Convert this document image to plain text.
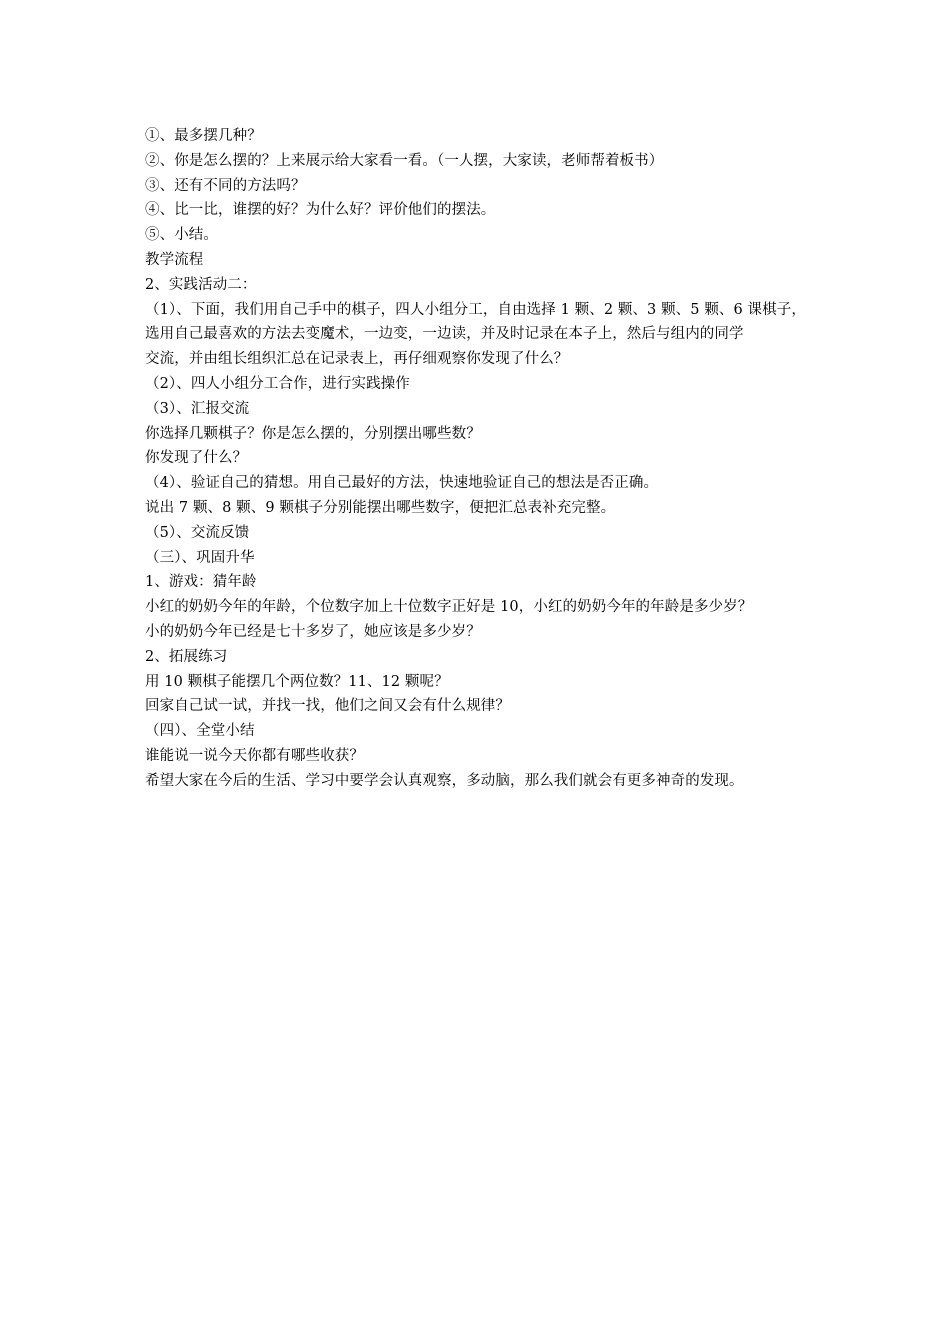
①、最多摆几种？
②、你是怎么摆的？上来展示给大家看一看。（一人摆，大家读，老师帮着板书）
③、还有不同的方法吗？
④、比一比，谁摆的好？为什么好？评价他们的摆法。
⑤、小结。
教学流程
2、实践活动二：
（1）、下面，我们用自己手中的棋子，四人小组分工，自由选择 1 颗、2 颗、3 颗、5 颗、6 课棋子，
选用自己最喜欢的方法去变魔术，一边变，一边读，并及时记录在本子上，然后与组内的同学
交流，并由组长组织汇总在记录表上，再仔细观察你发现了什么？
（2）、四人小组分工合作，进行实践操作
（3）、汇报交流
你选择几颗棋子？你是怎么摆的，分别摆出哪些数？
你发现了什么？
（4）、验证自己的猜想。用自己最好的方法，快速地验证自己的想法是否正确。
说出 7 颗、8 颗、9 颗棋子分别能摆出哪些数字，便把汇总表补充完整。
（5）、交流反馈
（三）、巩固升华
1、游戏：猜年龄
小红的奶奶今年的年龄，个位数字加上十位数字正好是 10，小红的奶奶今年的年龄是多少岁？
小的奶奶今年已经是七十多岁了，她应该是多少岁？
2、拓展练习
用 10 颗棋子能摆几个两位数？11、12 颗呢？
回家自己试一试，并找一找，他们之间又会有什么规律？
（四）、全堂小结
谁能说一说今天你都有哪些收获？
希望大家在今后的生活、学习中要学会认真观察，多动脑，那么我们就会有更多神奇的发现。
